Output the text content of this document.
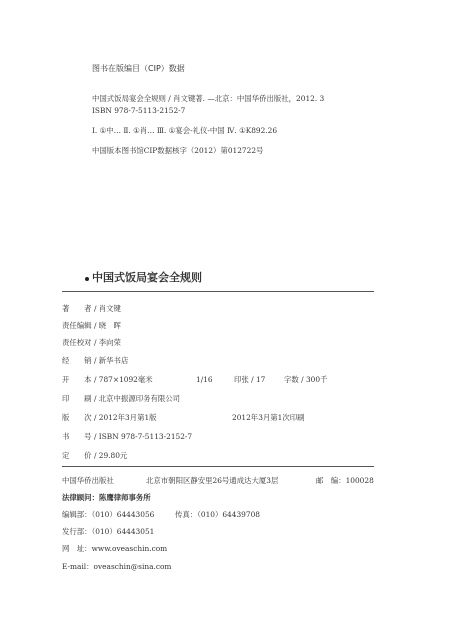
图书在版编目（CIP）数据
中国式饭局宴会全规则 / 肖文键著. —北京：中国华侨出版社，2012. 3
ISBN 978-7-5113-2152-7
Ⅰ. ①中… Ⅱ. ①肖… Ⅲ. ①宴会-礼仪-中国 Ⅳ. ①K892.26
中国版本图书馆CIP数据核字（2012）第012722号
中国式饭局宴会全规则
著　　者 / 肖文键
责任编辑 / 晓　晖
责任校对 / 李向荣
经　　销 / 新华书店
开　　本 / 787×1092毫米	1/16	印张 / 17	字数 / 300千
印　　刷 / 北京中振源印务有限公司
版　　次 / 2012年3月第1版	2012年3月第1次印刷
书　　号 / ISBN 978-7-5113-2152-7
定　　价 / 29.80元
中国华侨出版社	北京市朝阳区静安里26号通成达大厦3层	邮　编：100028
法律顾问：陈鹰律师事务所
编辑部：（010）64443056	传真：（010）64439708
发行部：（010）64443051
网　址：www.oveaschin.com
E-mail：oveaschin@sina.com
